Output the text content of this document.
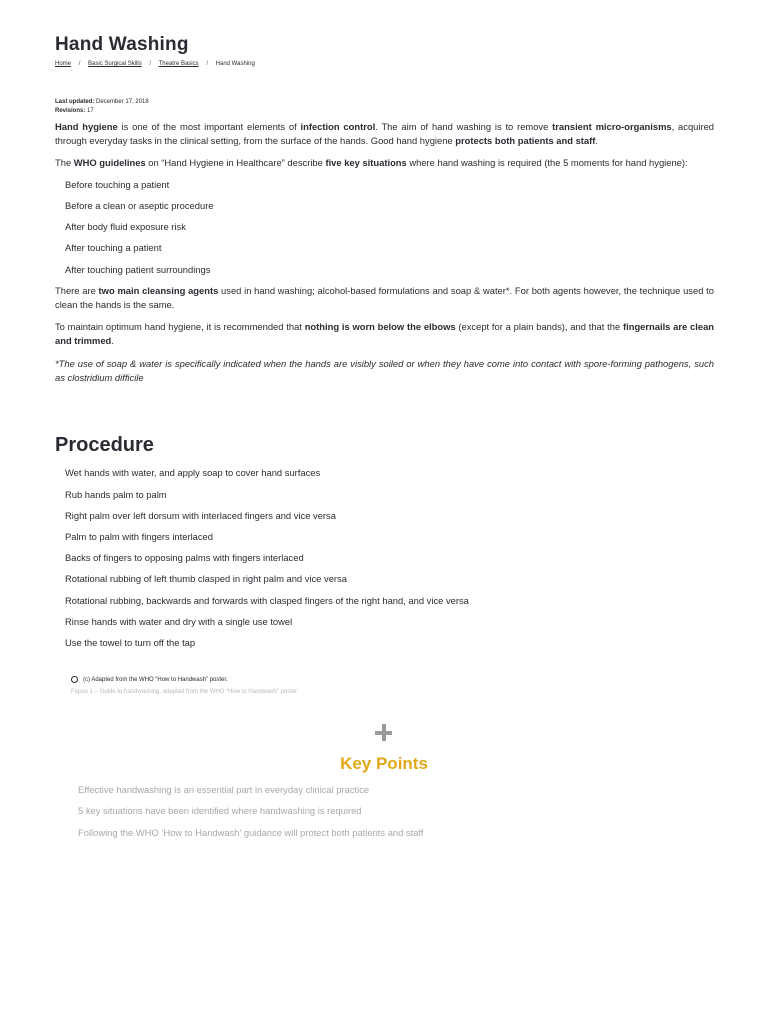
Hand Washing
Home / Basic Surgical Skills / Theatre Basics / Hand Washing
Last updated: December 17, 2018
Revisions: 17

Hand hygiene is one of the most important elements of infection control. The aim of hand washing is to remove transient micro-organisms, acquired through everyday tasks in the clinical setting, from the surface of the hands. Good hand hygiene protects both patients and staff.

The WHO guidelines on “Hand Hygiene in Healthcare” describe five key situations where hand washing is required (the 5 moments for hand hygiene):

Before touching a patient
Before a clean or aseptic procedure
After body fluid exposure risk
After touching a patient
After touching patient surroundings

There are two main cleansing agents used in hand washing; alcohol-based formulations and soap & water*. For both agents however, the technique used to clean the hands is the same.

To maintain optimum hand hygiene, it is recommended that nothing is worn below the elbows (except for a plain bands), and that the fingernails are clean and trimmed.

*The use of soap & water is specifically indicated when the hands are visibly soiled or when they have come into contact with spore-forming pathogens, such as clostridium difficile

Procedure
Wet hands with water, and apply soap to cover hand surfaces
Rub hands palm to palm
Right palm over left dorsum with interlaced fingers and vice versa
Palm to palm with fingers interlaced
Backs of fingers to opposing palms with fingers interlaced
Rotational rubbing of left thumb clasped in right palm and vice versa
Rotational rubbing, backwards and forwards with clasped fingers of the right hand, and vice versa
Rinse hands with water and dry with a single use towel
Use the towel to turn off the tap
(c) Adapted from the WHO “How to Handwash” poster.
Figure 1 – Guide to handwashing, adapted from the WHO “How to Handwash” poster
Key Points
Effective handwashing is an essential part in everyday clinical practice
5 key situations have been identified where handwashing is required
Following the WHO ‘How to Handwash’ guidance will protect both patients and staff
